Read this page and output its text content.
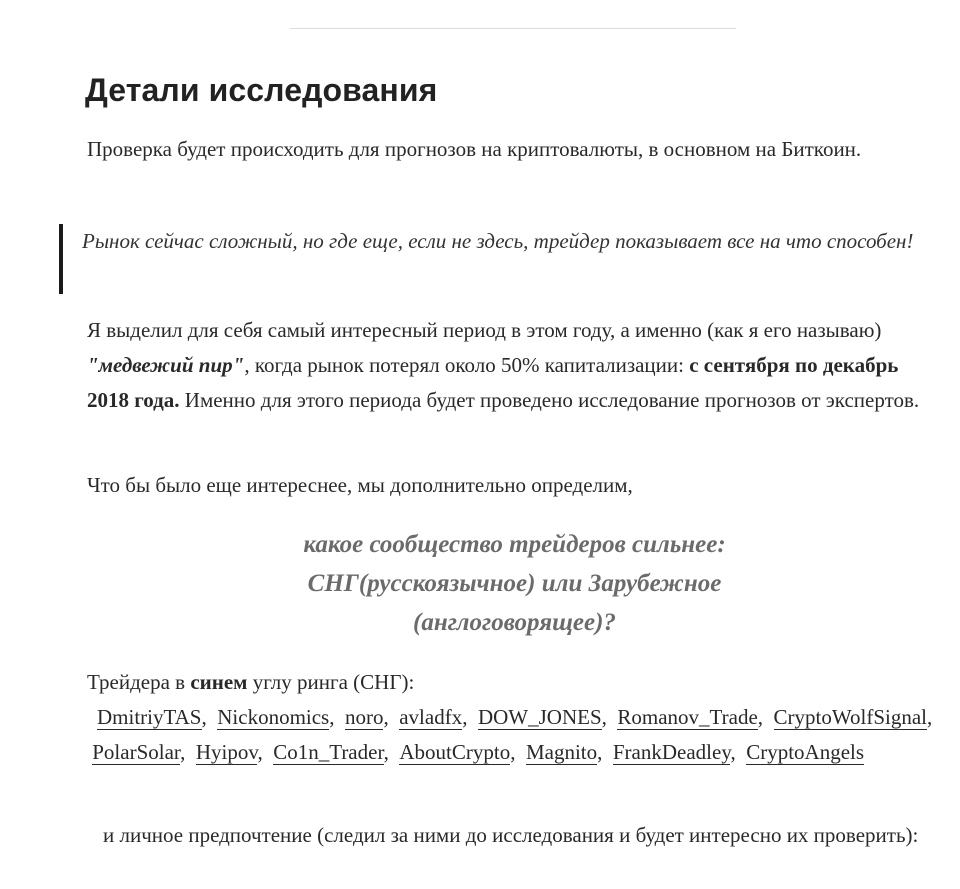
Детали исследования

Проверка будет происходить для прогнозов на криптовалюты, в основном на Биткоин.

Рынок сейчас сложный, но где еще, если не здесь, трейдер показывает все на что способен!

Я выделил для себя самый интересный период в этом году, а именно (как я его называю) "медвежий пир", когда рынок потерял около 50% капитализации: с сентября по декабрь 2018 года. Именно для этого периода будет проведено исследование прогнозов от экспертов.

Что бы было еще интереснее, мы дополнительно определим,

какое сообщество трейдеров сильнее:
СНГ(русскоязычное) или Зарубежное
(англоговорящее)?

Трейдера в синем углу ринга (СНГ):

DmitriyTAS,  Nickonomics,  noro,  avladfx,  DOW_JONES,  Romanov_Trade,  CryptoWolfSignal,  PolarSolar,  Hyipov,  Co1n_Trader,  AboutCrypto,  Magnito,  FrankDeadley,  CryptoAngels

и личное предпочтение (следил за ними до исследования и будет интересно их проверить):
